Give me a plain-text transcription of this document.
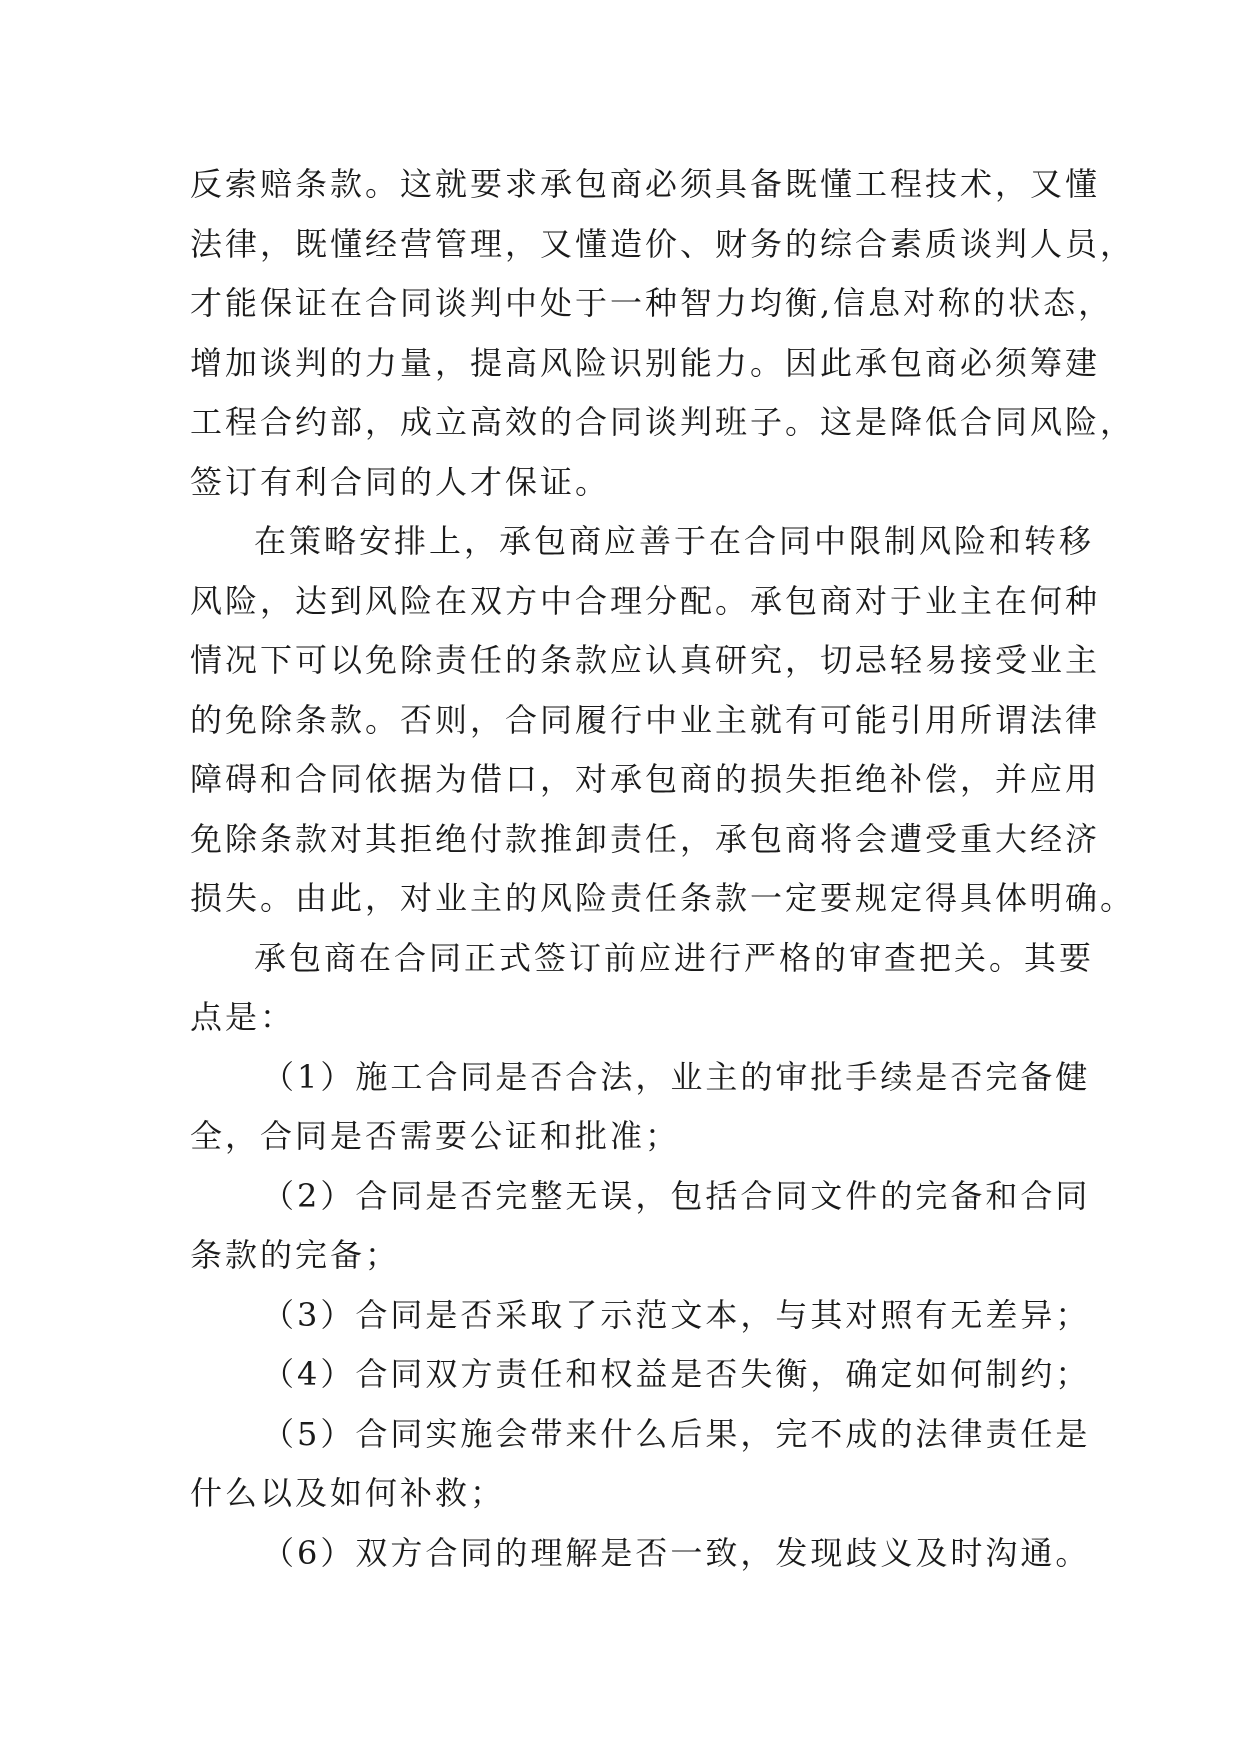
反索赔条款。这就要求承包商必须具备既懂工程技术，又懂
法律，既懂经营管理，又懂造价、财务的综合素质谈判人员，
才能保证在合同谈判中处于一种智力均衡,信息对称的状态，
增加谈判的力量，提高风险识别能力。因此承包商必须筹建
工程合约部，成立高效的合同谈判班子。这是降低合同风险，
签订有利合同的人才保证。
在策略安排上，承包商应善于在合同中限制风险和转移
风险，达到风险在双方中合理分配。承包商对于业主在何种
情况下可以免除责任的条款应认真研究，切忌轻易接受业主
的免除条款。否则，合同履行中业主就有可能引用所谓法律
障碍和合同依据为借口，对承包商的损失拒绝补偿，并应用
免除条款对其拒绝付款推卸责任，承包商将会遭受重大经济
损失。由此，对业主的风险责任条款一定要规定得具体明确。
承包商在合同正式签订前应进行严格的审查把关。其要
点是：
（1）施工合同是否合法，业主的审批手续是否完备健
全，合同是否需要公证和批准；
（2）合同是否完整无误，包括合同文件的完备和合同
条款的完备；
（3）合同是否采取了示范文本，与其对照有无差异；
（4）合同双方责任和权益是否失衡，确定如何制约；
（5）合同实施会带来什么后果，完不成的法律责任是
什么以及如何补救；
（6）双方合同的理解是否一致，发现歧义及时沟通。
